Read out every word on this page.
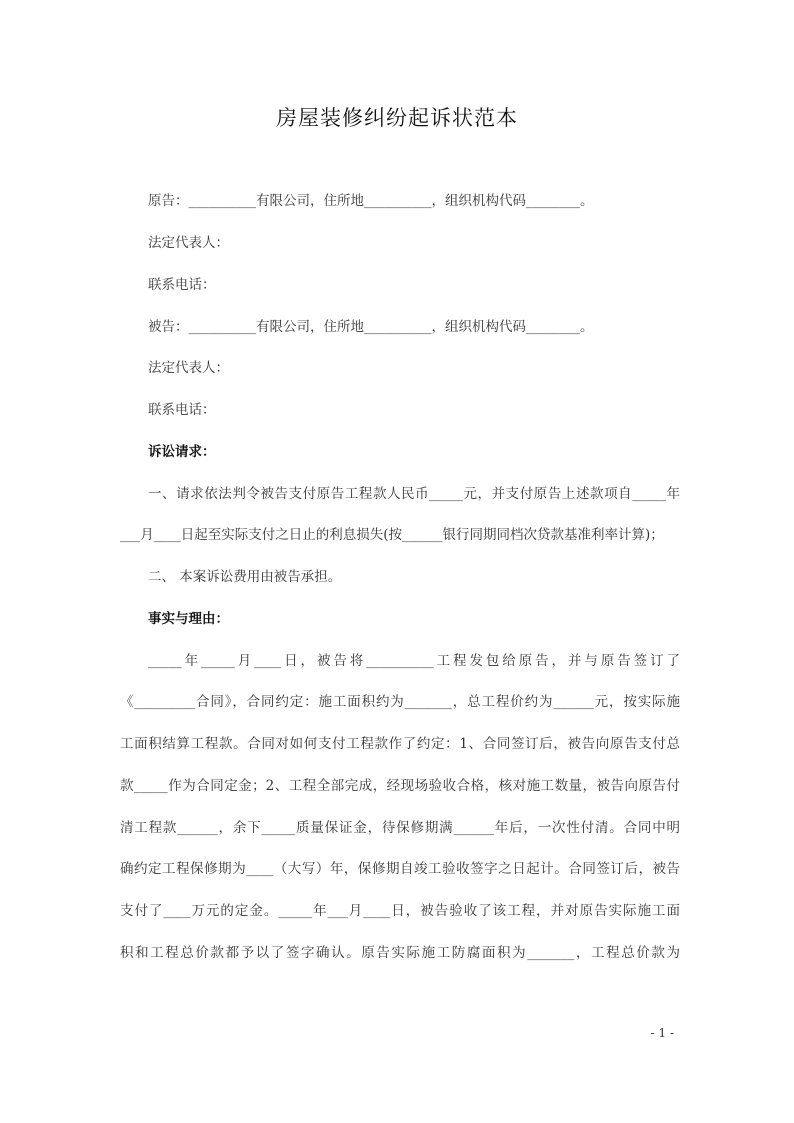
房屋装修纠纷起诉状范本
原告：__________有限公司，住所地__________，组织机构代码________。
法定代表人：
联系电话：
被告：__________有限公司，住所地__________，组织机构代码________。
法定代表人：
联系电话：
诉讼请求：
一、请求依法判令被告支付原告工程款人民币_____元，并支付原告上述款项自_____年
___月____日起至实际支付之日止的利息损失(按______银行同期同档次贷款基准利率计算)；
二、 本案诉讼费用由被告承担。
事实与理由：
_____年_____月____日，被告将__________工程发包给原告，并与原告签订了
《_________合同》，合同约定：施工面积约为_______，总工程价约为______元，按实际施
工面积结算工程款。合同对如何支付工程款作了约定：1、合同签订后，被告向原告支付总
款_____作为合同定金；2、工程全部完成，经现场验收合格，核对施工数量，被告向原告付
清工程款______，余下_____质量保证金，待保修期满______年后，一次性付清。合同中明
确约定工程保修期为____（大写）年，保修期自竣工验收签字之日起计。合同签订后，被告
支付了____万元的定金。_____年___月____日，被告验收了该工程，并对原告实际施工面
积和工程总价款都予以了签字确认。原告实际施工防腐面积为_______，工程总价款为
- 1 -
